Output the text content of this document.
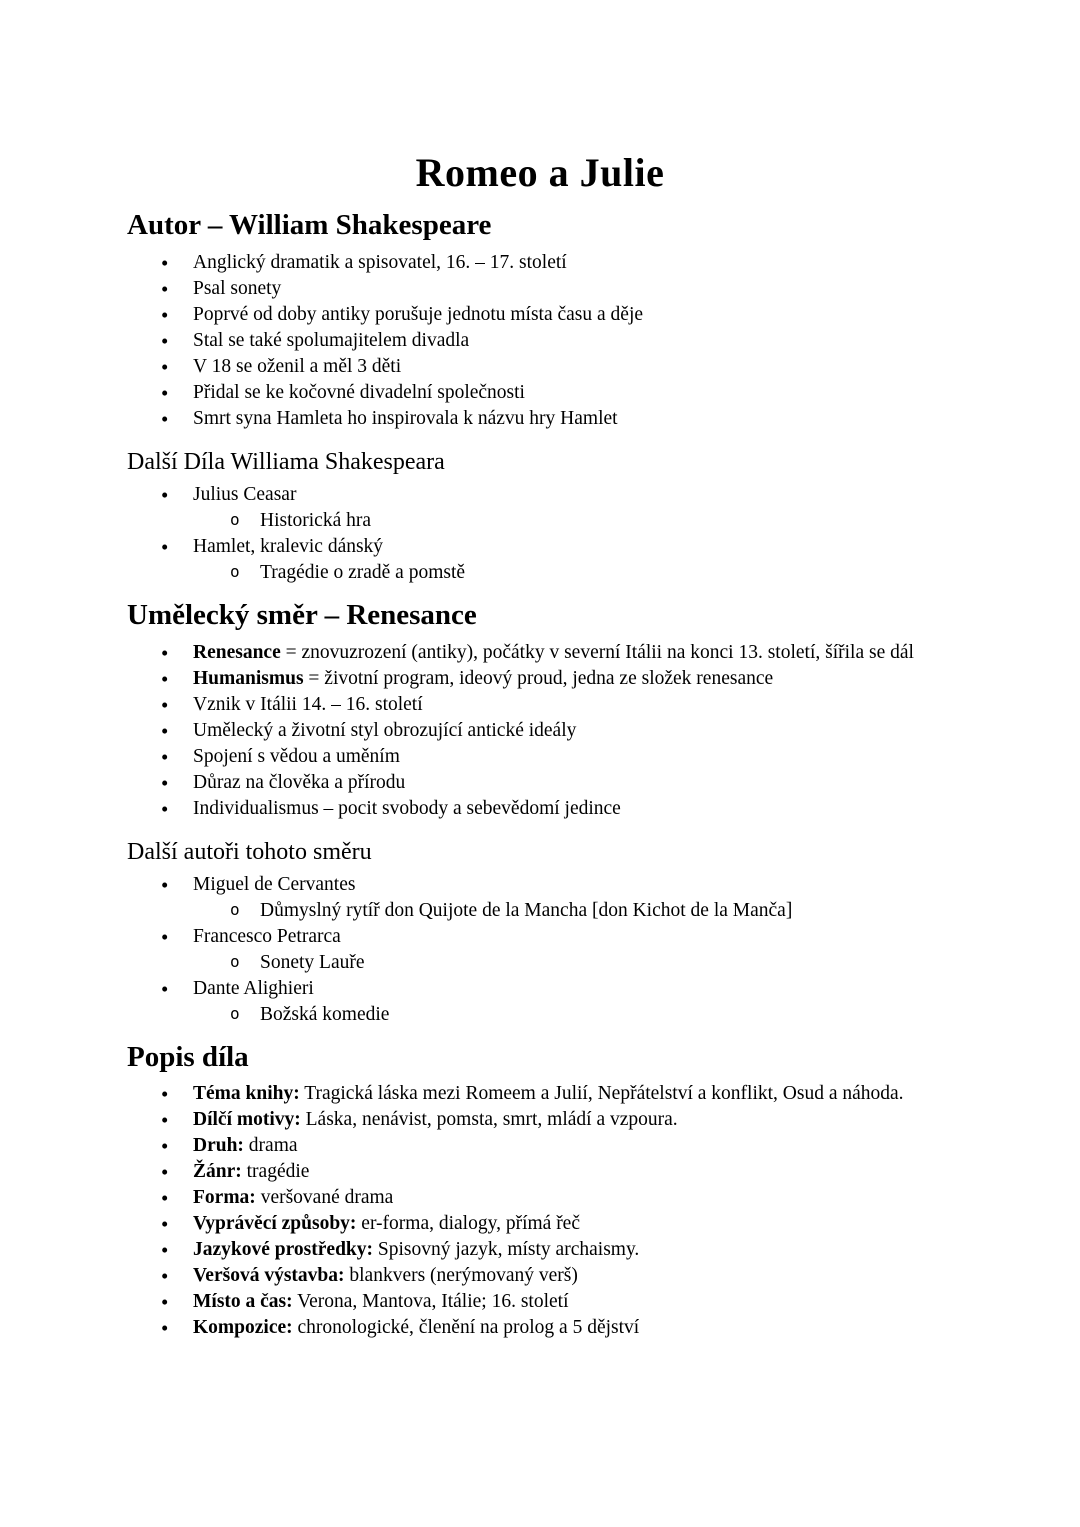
Romeo a Julie
Autor – William Shakespeare
• Anglický dramatik a spisovatel, 16. – 17. století
• Psal sonety
• Poprvé od doby antiky porušuje jednotu místa času a děje
• Stal se také spolumajitelem divadla
• V 18 se oženil a měl 3 děti
• Přidal se ke kočovné divadelní společnosti
• Smrt syna Hamleta ho inspirovala k názvu hry Hamlet
Další Díla Williama Shakespeara
• Julius Ceasar
o Historická hra
• Hamlet, kralevic dánský
o Tragédie o zradě a pomstě
Umělecký směr – Renesance
• Renesance = znovuzrození (antiky), počátky v severní Itálii na konci 13. století, šířila se dál
• Humanismus = životní program, ideový proud, jedna ze složek renesance
• Vznik v Itálii 14. – 16. století
• Umělecký a životní styl obrozující antické ideály
• Spojení s vědou a uměním
• Důraz na člověka a přírodu
• Individualismus – pocit svobody a sebevědomí jedince
Další autoři tohoto směru
• Miguel de Cervantes
o Důmyslný rytíř don Quijote de la Mancha [don Kichot de la Manča]
• Francesco Petrarca
o Sonety Lauře
• Dante Alighieri
o Božská komedie
Popis díla
• Téma knihy: Tragická láska mezi Romeem a Julií, Nepřátelství a konflikt, Osud a náhoda.
• Dílčí motivy: Láska, nenávist, pomsta, smrt, mládí a vzpoura.
• Druh: drama
• Žánr: tragédie
• Forma: veršované drama
• Vyprávěcí způsoby: er-forma, dialogy, přímá řeč
• Jazykové prostředky: Spisovný jazyk, místy archaismy.
• Veršová výstavba: blankvers (nerýmovaný verš)
• Místo a čas: Verona, Mantova, Itálie; 16. století
• Kompozice: chronologické, členění na prolog a 5 dějství
